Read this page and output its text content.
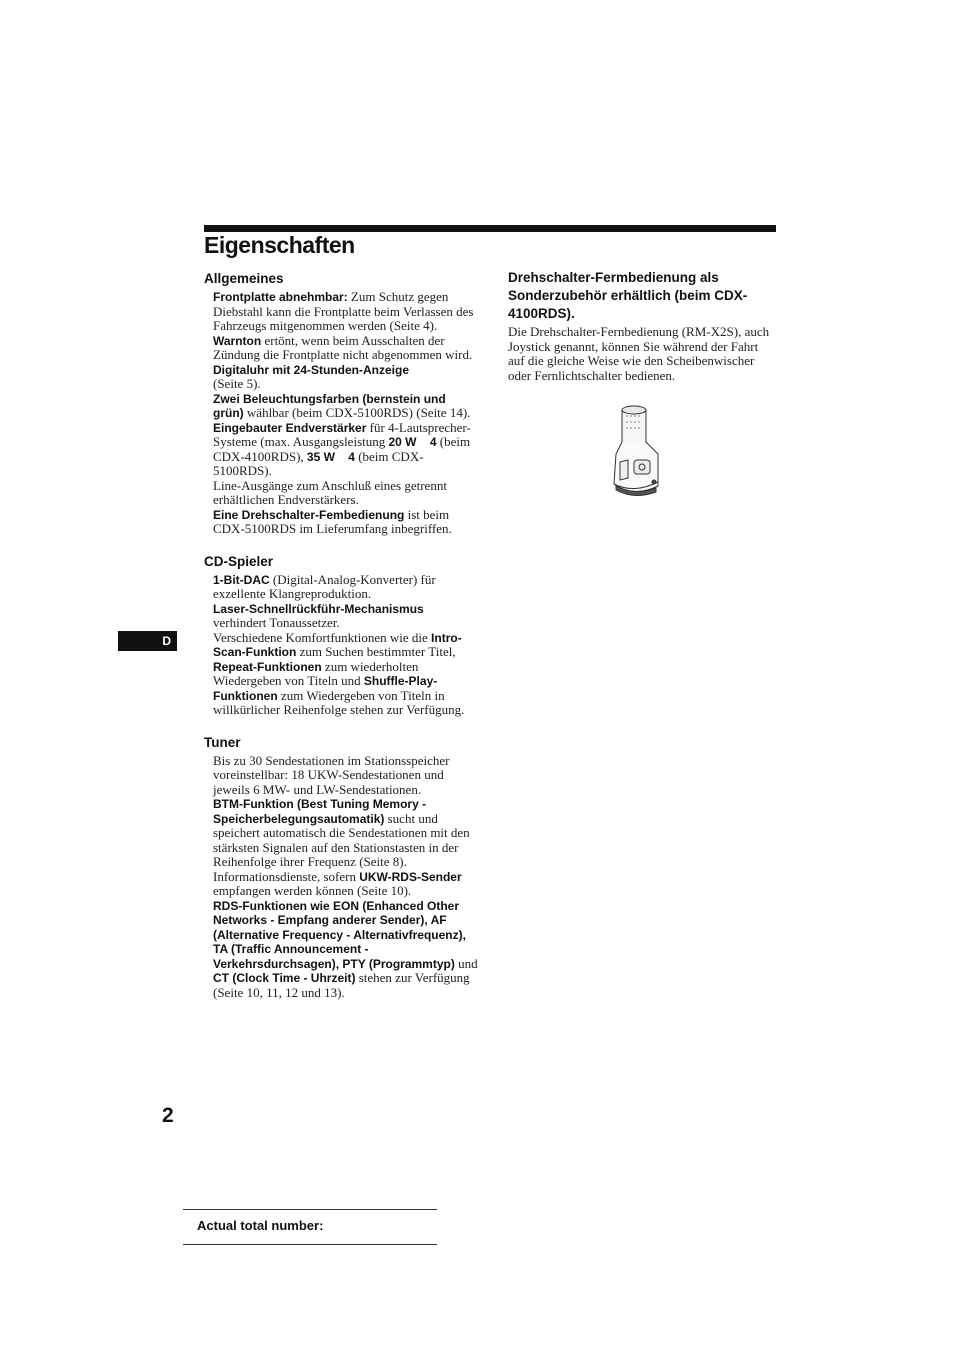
Eigenschaften
Allgemeines
Frontplatte abnehmbar: Zum Schutz gegen Diebstahl kann die Frontplatte beim Verlassen des Fahrzeugs mitgenommen werden (Seite 4).
Warnton ertönt, wenn beim Ausschalten der Zündung die Frontplatte nicht abgenommen wird.
Digitaluhr mit 24-Stunden-Anzeige
(Seite 5).
Zwei Beleuchtungsfarben (bernstein und grün) wählbar (beim CDX-5100RDS) (Seite 14).
Eingebauter Endverstärker für 4-Lautsprecher-Systeme (max. Ausgangsleistung 20 W    4 (beim CDX-4100RDS), 35 W    4 (beim CDX-5100RDS).
Line-Ausgänge zum Anschluß eines getrennt erhältlichen Endverstärkers.
Eine Drehschalter-Fembedienung ist beim CDX-5100RDS im Lieferumfang inbegriffen.
CD-Spieler
1-Bit-DAC (Digital-Analog-Konverter) für exzellente Klangreproduktion.
Laser-Schnellrückführ-Mechanismus
verhindert Tonaussetzer.
Verschiedene Komfortfunktionen wie die Intro-Scan-Funktion zum Suchen bestimmter Titel, Repeat-Funktionen zum wiederholten Wiedergeben von Titeln und Shuffle-Play-Funktionen zum Wiedergeben von Titeln in willkürlicher Reihenfolge stehen zur Verfügung.
Tuner
Bis zu 30 Sendestationen im Stationsspeicher voreinstellbar: 18 UKW-Sendestationen und jeweils 6 MW- und LW-Sendestationen.
BTM-Funktion (Best Tuning Memory - Speicherbelegungsautomatik) sucht und speichert automatisch die Sendestationen mit den stärksten Signalen auf den Stationstasten in der Reihenfolge ihrer Frequenz (Seite 8).
Informationsdienste, sofern UKW-RDS-Sender empfangen werden können (Seite 10).
RDS-Funktionen wie EON (Enhanced Other Networks - Empfang anderer Sender), AF (Alternative Frequency - Alternativfrequenz), TA (Traffic Announcement - Verkehrsdurchsagen), PTY (Programmtyp) und CT (Clock Time - Uhrzeit) stehen zur Verfügung (Seite 10, 11, 12 und 13).
Drehschalter-Fermbedienung als Sonderzubehör erhältlich (beim CDX-4100RDS).
Die Drehschalter-Fernbedienung (RM-X2S), auch Joystick genannt, können Sie während der Fahrt auf die gleiche Weise wie den Scheibenwischer oder Fernlichtschalter bedienen.
D
2
Actual total number:
